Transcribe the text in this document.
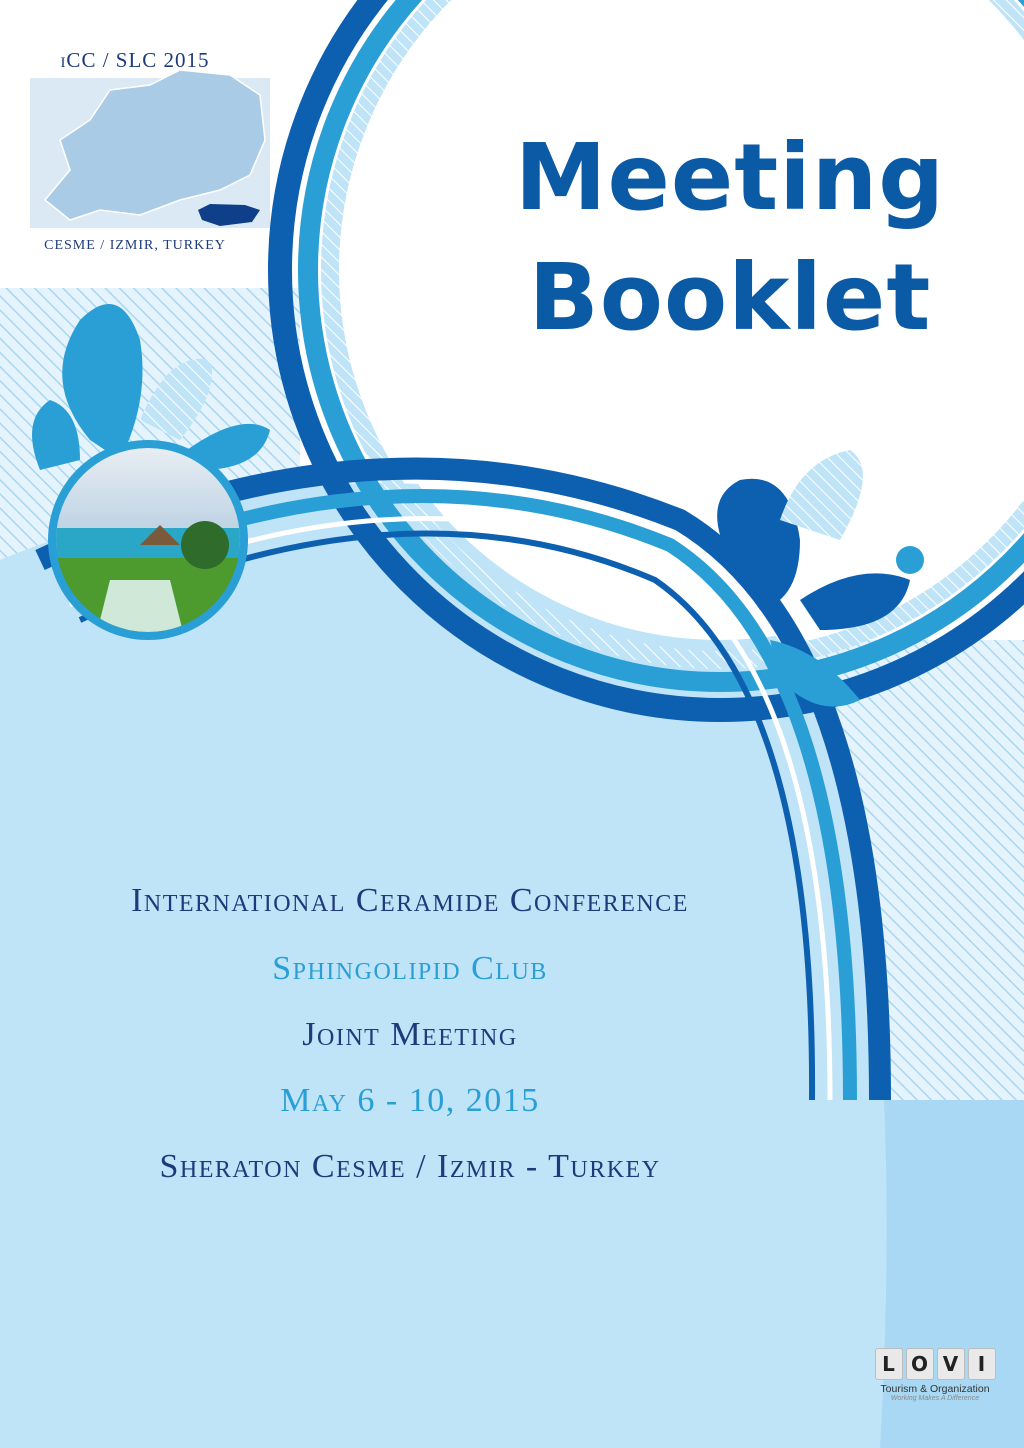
iCC / SLC 2015
CESME / IZMIR, TURKEY
Meeting
Booklet
International Ceramide Conference
Sphingolipid Club
Joint Meeting
May 6 - 10, 2015
Sheraton Cesme / Izmir - Turkey
L O V I
Tourism & Organization
Working Makes A Difference
